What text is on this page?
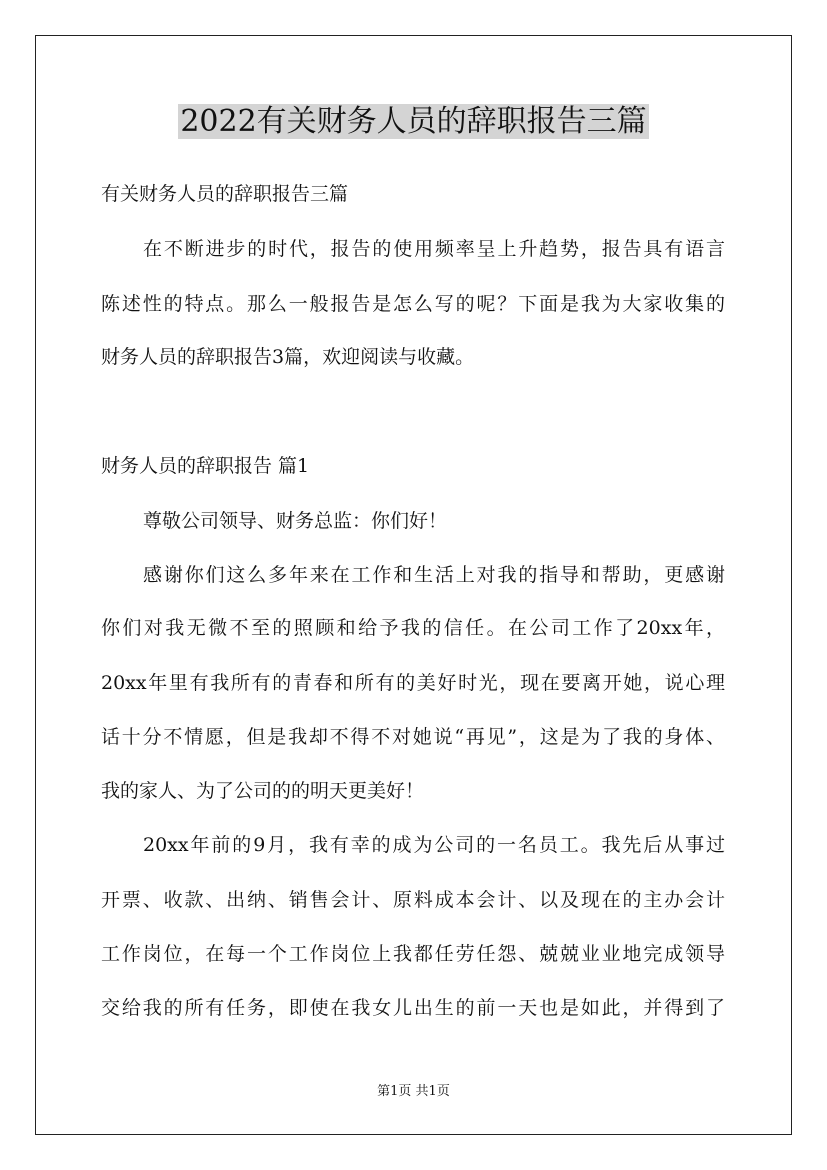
2022有关财务人员的辞职报告三篇

有关财务人员的辞职报告三篇

在不断进步的时代，报告的使用频率呈上升趋势，报告具有语言

陈述性的特点。那么一般报告是怎么写的呢？下面是我为大家收集的

财务人员的辞职报告3篇，欢迎阅读与收藏。

财务人员的辞职报告 篇1

尊敬公司领导、财务总监：你们好！

感谢你们这么多年来在工作和生活上对我的指导和帮助，更感谢

你们对我无微不至的照顾和给予我的信任。在公司工作了20xx年，

20xx年里有我所有的青春和所有的美好时光，现在要离开她，说心理

话十分不情愿，但是我却不得不对她说“再见”，这是为了我的身体、

我的家人、为了公司的的明天更美好！

20xx年前的9月，我有幸的成为公司的一名员工。我先后从事过

开票、收款、出纳、销售会计、原料成本会计、以及现在的主办会计

工作岗位，在每一个工作岗位上我都任劳任怨、兢兢业业地完成领导

交给我的所有任务，即使在我女儿出生的前一天也是如此，并得到了

第1页 共1页
